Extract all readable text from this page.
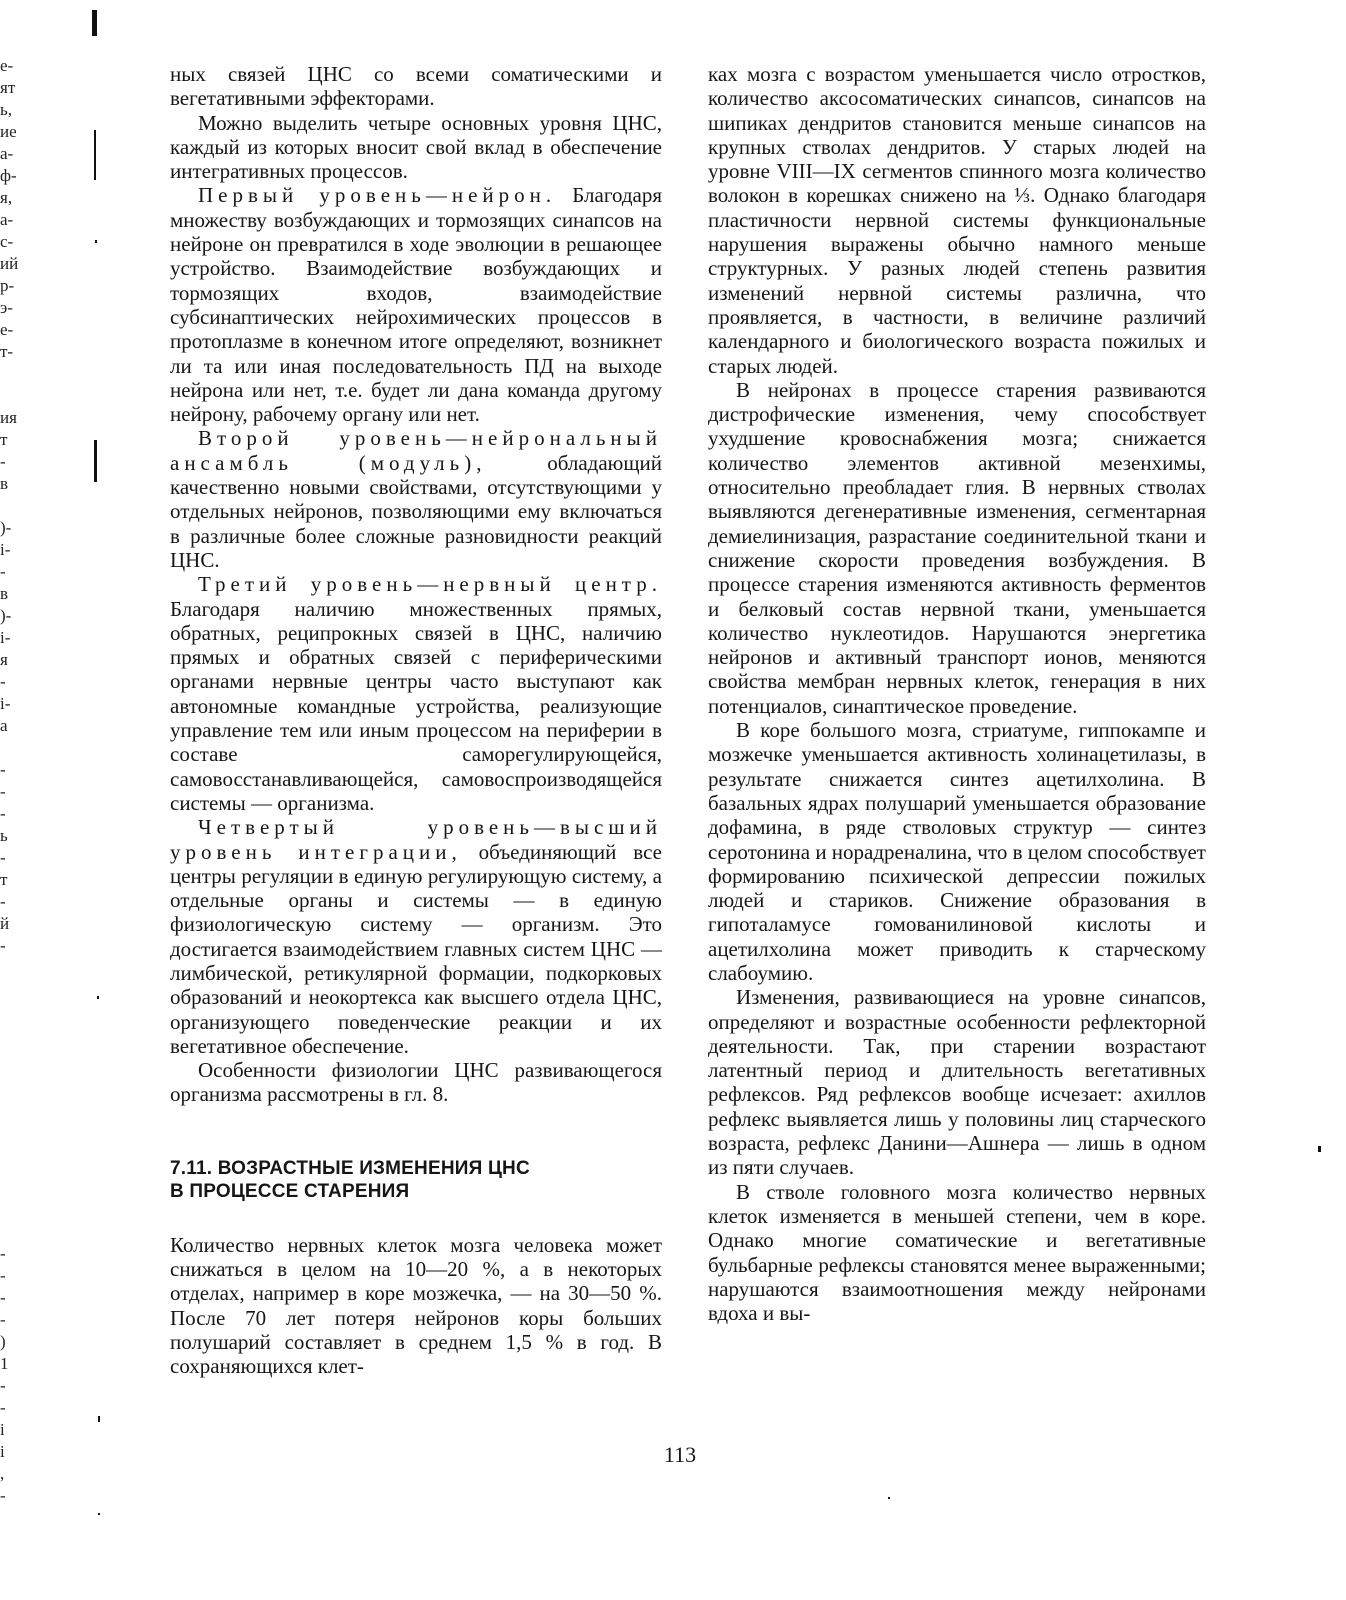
е-
ят
ь,
ие
а-
ф-
я,
а-
с-
ий
р-
э-
е-
т-
ия
т
-
в
)-
i-
-
в
)-
i-
я
-
i-
а
-
-
-
ь
-
т
-
й
-
-
-
-
-
)
1
-
-
i
i
,
-

ных связей ЦНС со всеми соматическими и вегетативными эффекторами.

Можно выделить четыре основных уровня ЦНС, каждый из которых вносит свой вклад в обеспечение интегративных процессов.

Первый уровень—нейрон. Благодаря множеству возбуждающих и тормозящих синапсов на нейроне он превратился в ходе эволюции в решающее устройство. Взаимодействие возбуждающих и тормозящих входов, взаимодействие субсинаптических нейрохимических процессов в протоплазме в конечном итоге определяют, возникнет ли та или иная последовательность ПД на выходе нейрона или нет, т.е. будет ли дана команда другому нейрону, рабочему органу или нет.

Второй уровень—нейрональный ансамбль (модуль), обладающий качественно новыми свойствами, отсутствующими у отдельных нейронов, позволяющими ему включаться в различные более сложные разновидности реакций ЦНС.

Третий уровень—нервный центр. Благодаря наличию множественных прямых, обратных, реципрокных связей в ЦНС, наличию прямых и обратных связей с периферическими органами нервные центры часто выступают как автономные командные устройства, реализующие управление тем или иным процессом на периферии в составе саморегулирующейся, самовосстанавливающейся, самовоспроизводящейся системы — организма.

Четвертый уровень—высший уровень интеграции, объединяющий все центры регуляции в единую регулирующую систему, а отдельные органы и системы — в единую физиологическую систему — организм. Это достигается взаимодействием главных систем ЦНС — лимбической, ретикулярной формации, подкорковых образований и неокортекса как высшего отдела ЦНС, организующего поведенческие реакции и их вегетативное обеспечение.

Особенности физиологии ЦНС развивающегося организма рассмотрены в гл. 8.

7.11. ВОЗРАСТНЫЕ ИЗМЕНЕНИЯ ЦНС
В ПРОЦЕССЕ СТАРЕНИЯ

Количество нервных клеток мозга человека может снижаться в целом на 10—20 %, а в некоторых отделах, например в коре мозжечка, — на 30—50 %. После 70 лет потеря нейронов коры больших полушарий составляет в среднем 1,5 % в год. В сохраняющихся клет-

ках мозга с возрастом уменьшается число отростков, количество аксосоматических синапсов, синапсов на шипиках дендритов становится меньше синапсов на крупных стволах дендритов. У старых людей на уровне VIII—IX сегментов спинного мозга количество волокон в корешках снижено на ⅓. Однако благодаря пластичности нервной системы функциональные нарушения выражены обычно намного меньше структурных. У разных людей степень развития изменений нервной системы различна, что проявляется, в частности, в величине различий календарного и биологического возраста пожилых и старых людей.

В нейронах в процессе старения развиваются дистрофические изменения, чему способствует ухудшение кровоснабжения мозга; снижается количество элементов активной мезенхимы, относительно преобладает глия. В нервных стволах выявляются дегенеративные изменения, сегментарная демиелинизация, разрастание соединительной ткани и снижение скорости проведения возбуждения. В процессе старения изменяются активность ферментов и белковый состав нервной ткани, уменьшается количество нуклеотидов. Нарушаются энергетика нейронов и активный транспорт ионов, меняются свойства мембран нервных клеток, генерация в них потенциалов, синаптическое проведение.

В коре большого мозга, стриатуме, гиппокампе и мозжечке уменьшается активность холинацетилазы, в результате снижается синтез ацетилхолина. В базальных ядрах полушарий уменьшается образование дофамина, в ряде стволовых структур — синтез серотонина и норадреналина, что в целом способствует формированию психической депрессии пожилых людей и стариков. Снижение образования в гипоталамусе гомованилиновой кислоты и ацетилхолина может приводить к старческому слабоумию.

Изменения, развивающиеся на уровне синапсов, определяют и возрастные особенности рефлекторной деятельности. Так, при старении возрастают латентный период и длительность вегетативных рефлексов. Ряд рефлексов вообще исчезает: ахиллов рефлекс выявляется лишь у половины лиц старческого возраста, рефлекс Данини—Ашнера — лишь в одном из пяти случаев.

В стволе головного мозга количество нервных клеток изменяется в меньшей степени, чем в коре. Однако многие соматические и вегетативные бульбарные рефлексы становятся менее выраженными; нарушаются взаимоотношения между нейронами вдоха и вы-

113
